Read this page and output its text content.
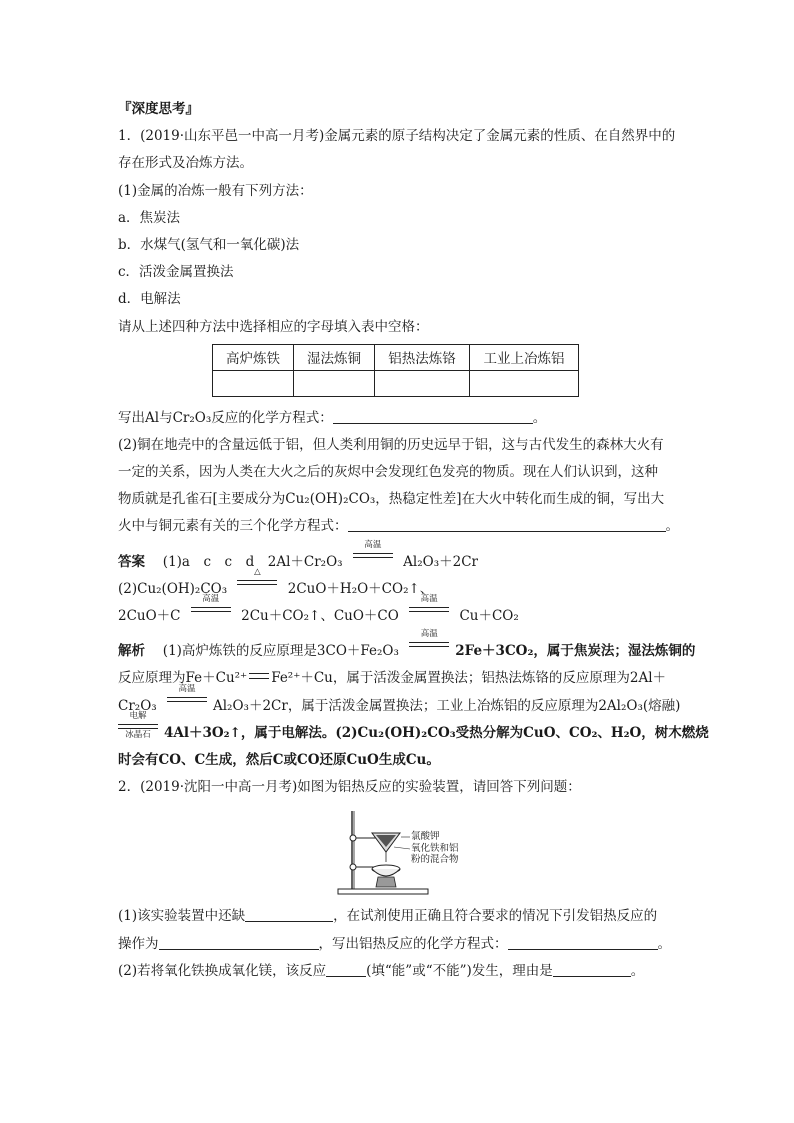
『深度思考』
1．(2019·山东平邑一中高一月考)金属元素的原子结构决定了金属元素的性质、在自然界中的
存在形式及冶炼方法。
(1)金属的冶炼一般有下列方法：
a．焦炭法
b．水煤气(氢气和一氧化碳)法
c．活泼金属置换法
d．电解法
请从上述四种方法中选择相应的字母填入表中空格：
高炉炼铁	湿法炼铜	铝热法炼铬	工业上冶炼铝

写出Al与Cr₂O₃反应的化学方程式：	。
(2)铜在地壳中的含量远低于铝，但人类利用铜的历史远早于铝，这与古代发生的森林大火有
一定的关系，因为人类在大火之后的灰烬中会发现红色发亮的物质。现在人们认识到，这种
物质就是孔雀石[主要成分为Cu₂(OH)₂CO₃，热稳定性差]在大火中转化而生成的铜，写出大
火中与铜元素有关的三个化学方程式：	。
答案　 (1)a　c　c　d　2Al＋Cr₂O₃
高温
Al₂O₃＋2Cr
(2)Cu₂(OH)₂CO₃
△
2CuO＋H₂O＋CO₂↑、
2CuO＋C
高温
2Cu＋CO₂↑、CuO＋CO
高温
Cu＋CO₂
解析　 (1)高炉炼铁的反应原理是3CO＋Fe₂O₃
高温
2Fe＋3CO₂，属于焦炭法；湿法炼铜的
反应原理为Fe＋Cu²⁺ Fe²⁺＋Cu，属于活泼金属置换法；铝热法炼铬的反应原理为2Al＋
Cr₂O₃
高温
Al₂O₃＋2Cr，属于活泼金属置换法；工业上冶炼铝的反应原理为2Al₂O₃(熔融)
电解
冰晶石 4Al＋3O₂↑，属于电解法。(2)Cu₂(OH)₂CO₃受热分解为CuO、CO₂、H₂O，树木燃烧
时会有CO、C生成，然后C或CO还原CuO生成Cu。
2．(2019·沈阳一中高一月考)如图为铝热反应的实验装置，请回答下列问题：
氯酸钾
氧化铁和铝
粉的混合物
(1)该实验装置中还缺	，在试剂使用正确且符合要求的情况下引发铝热反应的
操作为	，写出铝热反应的化学方程式：	。
(2)若将氧化铁换成氧化镁，该反应	(填“能”或“不能”)发生，理由是	。
